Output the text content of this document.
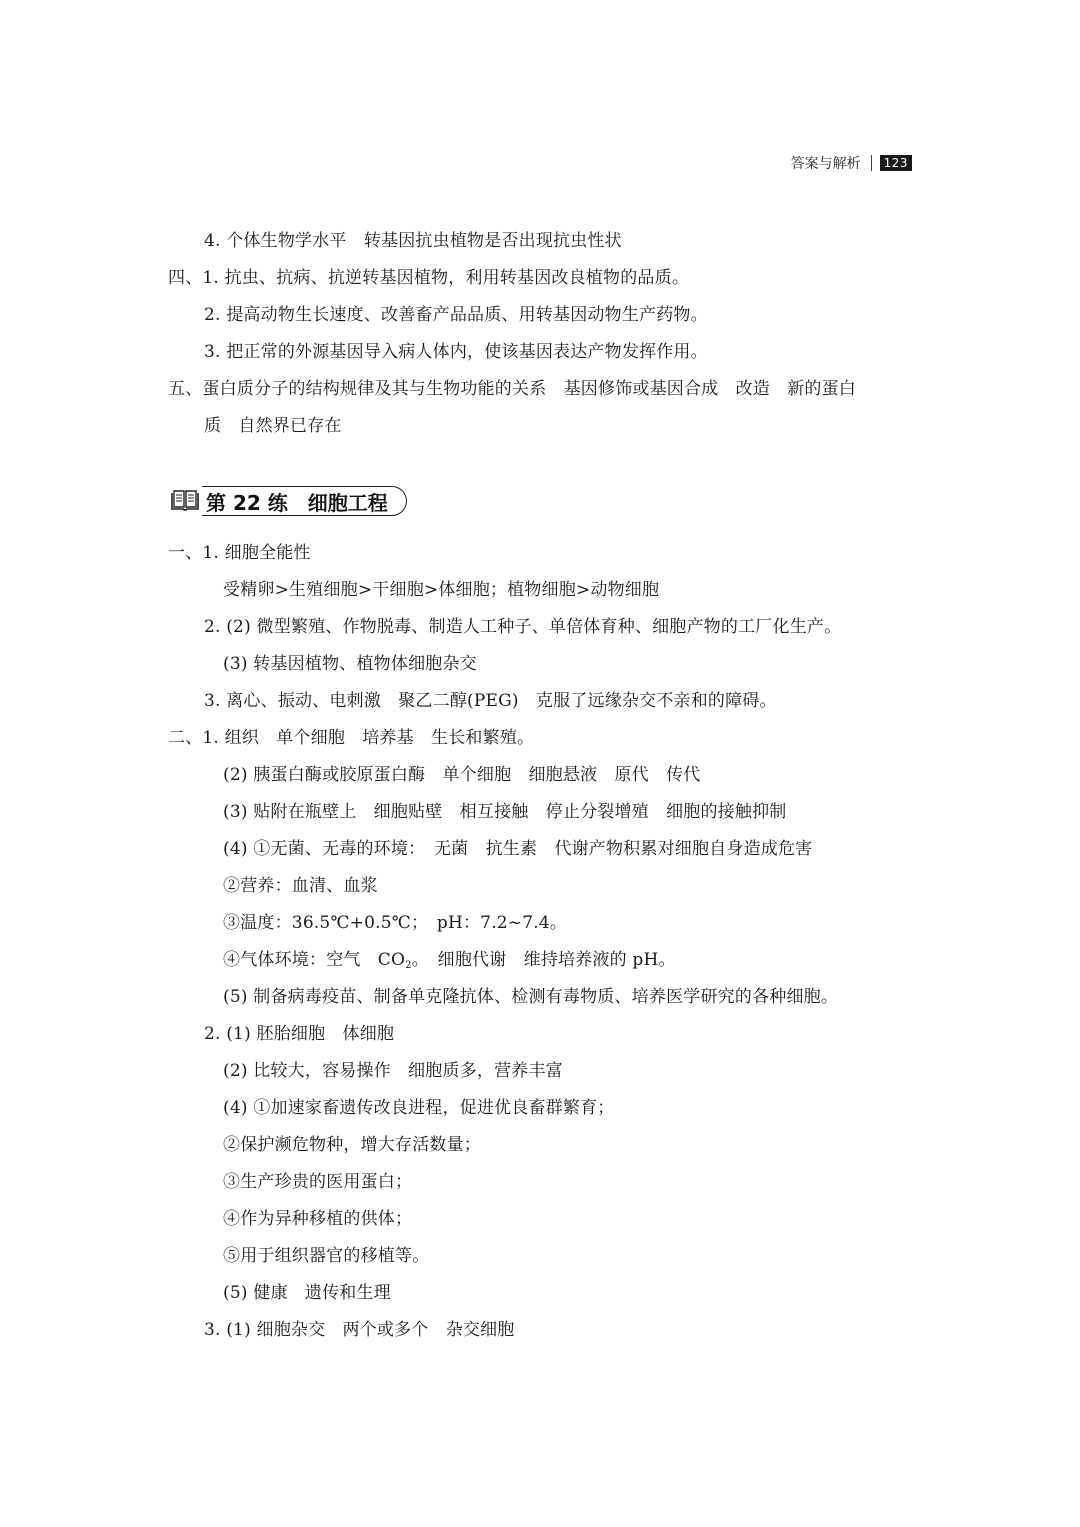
答案与解析	123
4. 个体生物学水平　转基因抗虫植物是否出现抗虫性状
四、1. 抗虫、抗病、抗逆转基因植物，利用转基因改良植物的品质。
2. 提高动物生长速度、改善畜产品品质、用转基因动物生产药物。
3. 把正常的外源基因导入病人体内，使该基因表达产物发挥作用。
五、蛋白质分子的结构规律及其与生物功能的关系　基因修饰或基因合成　改造　新的蛋白
质　自然界已存在
第 22 练　细胞工程
一、1. 细胞全能性
受精卵>生殖细胞>干细胞>体细胞；植物细胞>动物细胞
2. (2) 微型繁殖、作物脱毒、制造人工种子、单倍体育种、细胞产物的工厂化生产。
(3) 转基因植物、植物体细胞杂交
3. 离心、振动、电刺激　聚乙二醇(PEG)　克服了远缘杂交不亲和的障碍。
二、1. 组织　单个细胞　培养基　生长和繁殖。
(2) 胰蛋白酶或胶原蛋白酶　单个细胞　细胞悬液　原代　传代
(3) 贴附在瓶壁上　细胞贴壁　相互接触　停止分裂增殖　细胞的接触抑制
(4) ①无菌、无毒的环境：　无菌　抗生素　代谢产物积累对细胞自身造成危害
②营养：血清、血浆
③温度：36.5℃+0.5℃；　pH：7.2~7.4。
④气体环境：空气　$CO_2$。　细胞代谢　维持培养液的 pH。
(5) 制备病毒疫苗、制备单克隆抗体、检测有毒物质、培养医学研究的各种细胞。
2. (1) 胚胎细胞　体细胞
(2) 比较大，容易操作　细胞质多，营养丰富
(4) ①加速家畜遗传改良进程，促进优良畜群繁育；
②保护濒危物种，增大存活数量；
③生产珍贵的医用蛋白；
④作为异种移植的供体；
⑤用于组织器官的移植等。
(5) 健康　遗传和生理
3. (1) 细胞杂交　两个或多个　杂交细胞
